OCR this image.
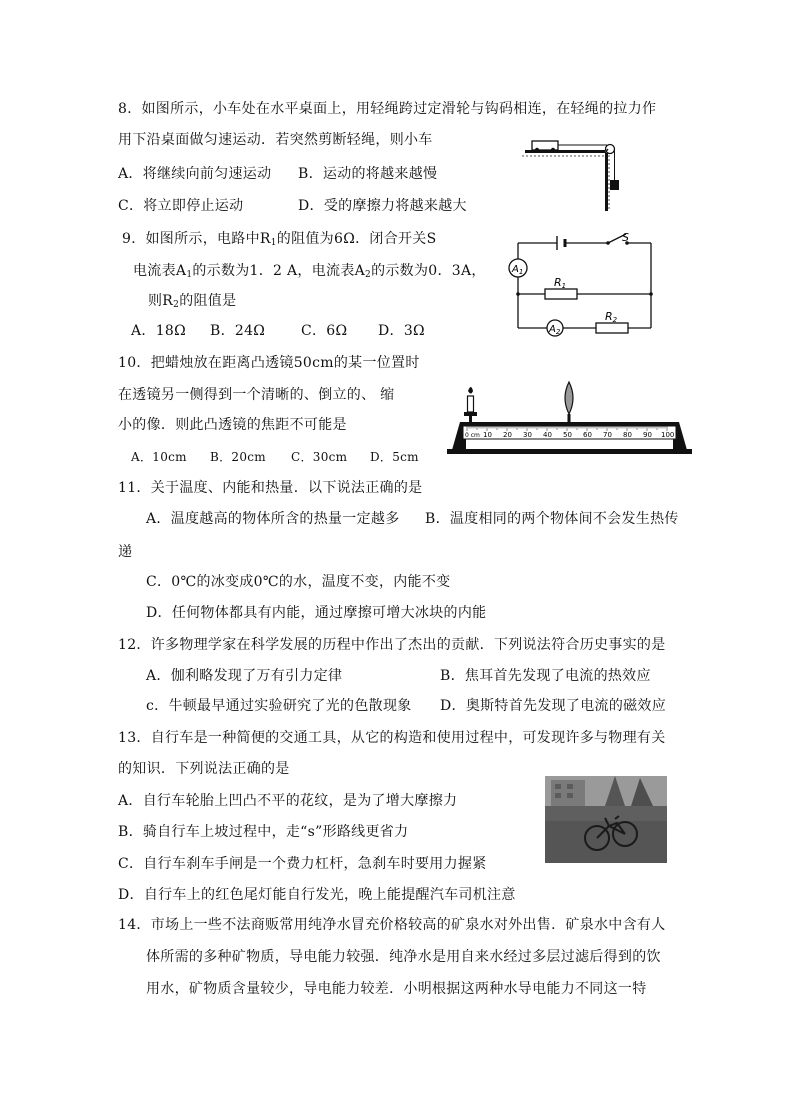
8．如图所示，小车处在水平桌面上，用轻绳跨过定滑轮与钩码相连，在轻绳的拉力作
用下沿桌面做匀速运动．若突然剪断轻绳，则小车
A．将继续向前匀速运动 B．运动的将越来越慢
C．将立即停止运动	D．受的摩擦力将越来越大
9．如图所示，电路中$R_1$的阻值为6Ω．闭合开关S
电流表$A_1$的示数为1．2 A，电流表$A_2$的示数为0．3A，
则$R_2$的阻值是
A．18Ω B．24Ω	C．6Ω D．3Ω
S
$A_1$
$A_2$
R1
R2
10．把蜡烛放在距离凸透镜50cm的某一位置时
在透镜另一侧得到一个清晰的、倒立的、 缩
小的像．则此凸透镜的焦距不可能是
A．10cm B．20cm C．30cm D．5cm
0 cm 10 20 30 40 50 60 70 80 90 100
11．关于温度、内能和热量．以下说法正确的是
A．温度越高的物体所含的热量一定越多 B．温度相同的两个物体间不会发生热传
递
C．0℃的冰变成0℃的水，温度不变，内能不变
D．任何物体都具有内能，通过摩擦可增大冰块的内能
12．许多物理学家在科学发展的历程中作出了杰出的贡献．下列说法符合历史事实的是
A．伽利略发现了万有引力定律	B．焦耳首先发现了电流的热效应
c．牛顿最早通过实验研究了光的色散现象 D．奥斯特首先发现了电流的磁效应
13．自行车是一种简便的交通工具，从它的构造和使用过程中，可发现许多与物理有关
的知识．下列说法正确的是
A．自行车轮胎上凹凸不平的花纹，是为了增大摩擦力
B．骑自行车上坡过程中，走“s”形路线更省力
C．自行车刹车手闸是一个费力杠杆，急刹车时要用力握紧
D．自行车上的红色尾灯能自行发光，晚上能提醒汽车司机注意
14．市场上一些不法商贩常用纯净水冒充价格较高的矿泉水对外出售．矿泉水中含有人
体所需的多种矿物质，导电能力较强．纯净水是用自来水经过多层过滤后得到的饮
用水，矿物质含量较少，导电能力较差．小明根据这两种水导电能力不同这一特
